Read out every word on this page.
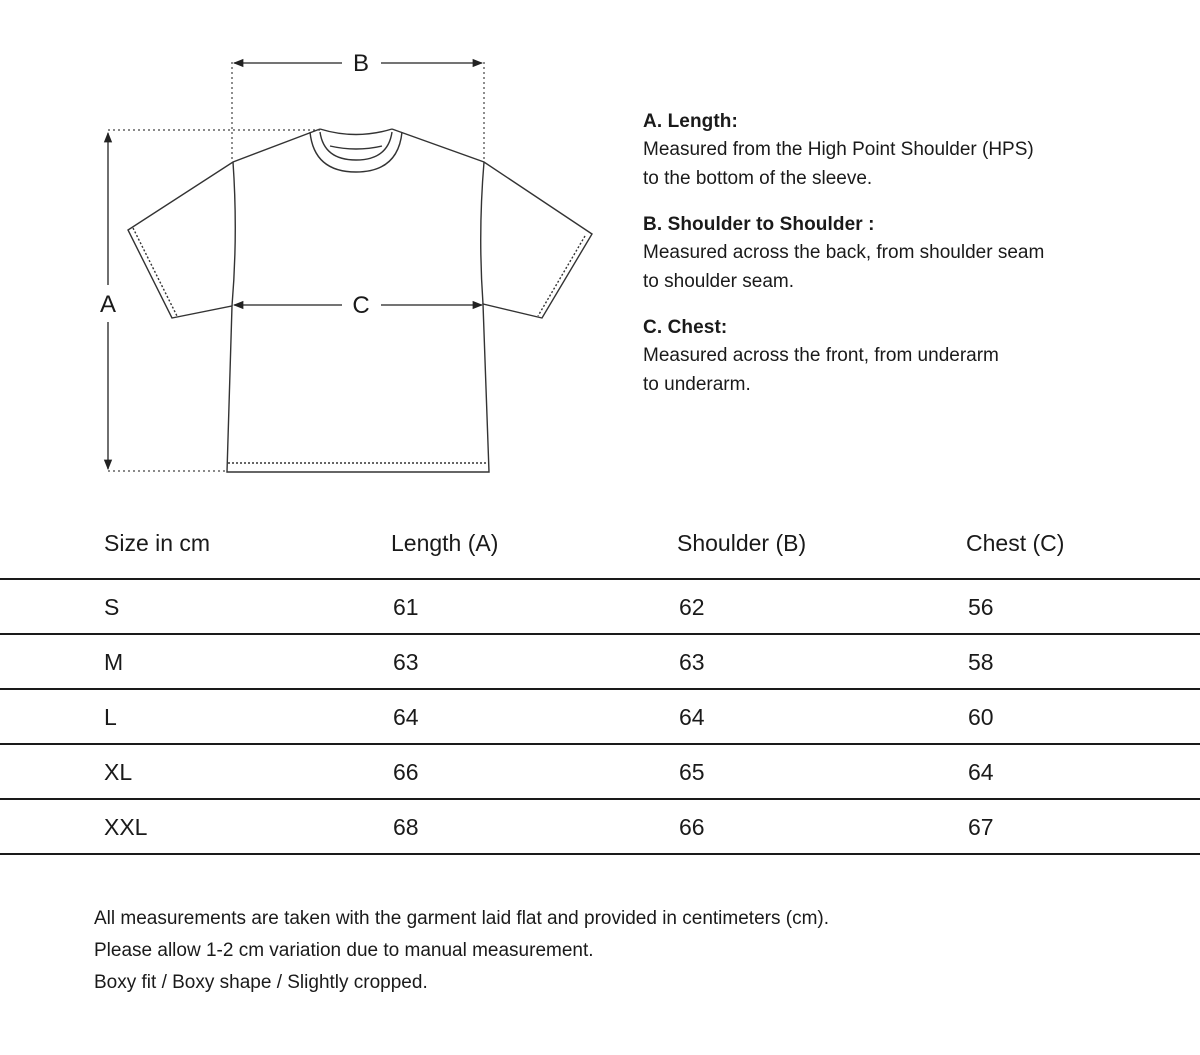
B
C
A
A. Length:
Measured from the High Point Shoulder (HPS)
to the bottom of the sleeve.
B. Shoulder to Shoulder :
Measured across the back, from shoulder seam
to shoulder seam.
C. Chest:
Measured across the front, from underarm
to underarm.
Size in cm	Length (A)	Shoulder (B)	Chest (C)
S	61	62	56
M	63	63	58
L	64	64	60
XL	66	65	64
XXL	68	66	67
All measurements are taken with the garment laid flat and provided in centimeters (cm).
Please allow 1-2 cm variation due to manual measurement.
Boxy fit / Boxy shape / Slightly cropped.
